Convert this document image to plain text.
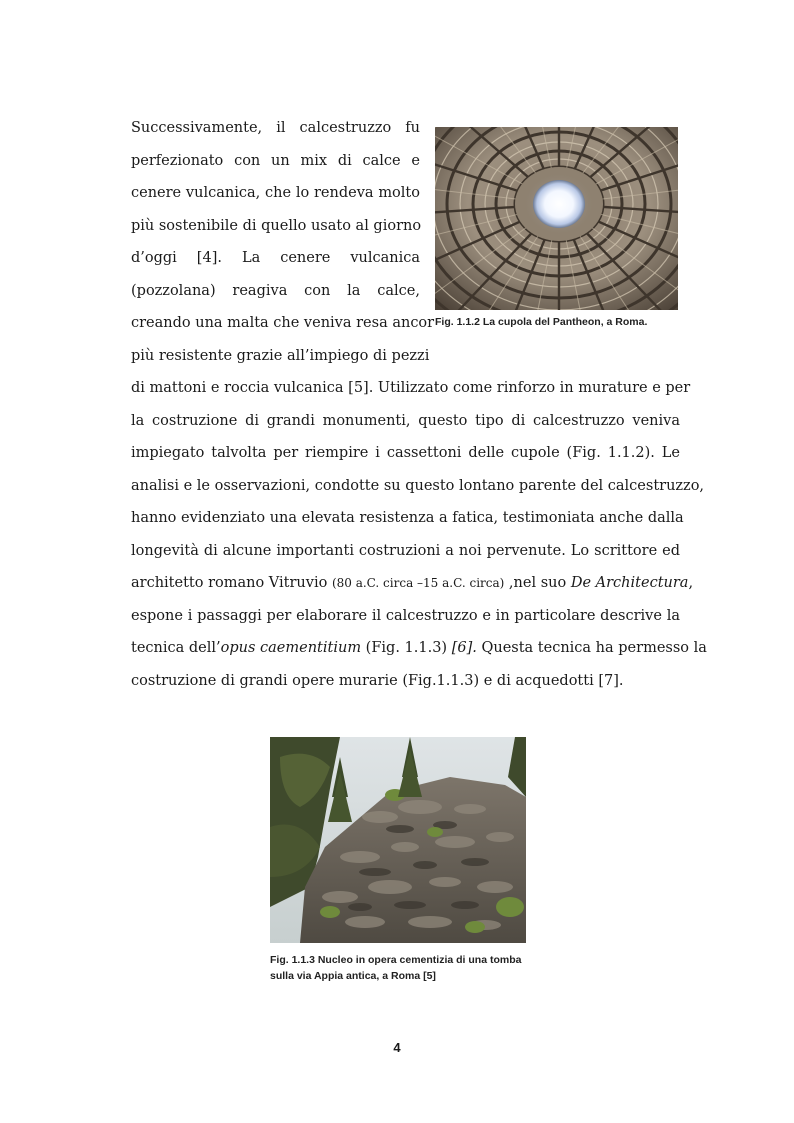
Successivamente, il calcestruzzo fu
perfezionato con un mix di calce e
cenere vulcanica, che lo rendeva molto
più sostenibile di quello usato al giorno
d’oggi [4]. La cenere vulcanica
(pozzolana) reagiva con la calce,
creando una malta che veniva resa ancor
più resistente grazie all’impiego di pezzi
Fig. 1.1.2 La cupola del Pantheon, a Roma.
di mattoni e roccia vulcanica [5]. Utilizzato come rinforzo in murature e per
la costruzione di grandi monumenti, questo tipo di calcestruzzo veniva
impiegato talvolta per riempire i cassettoni delle cupole (Fig. 1.1.2). Le
analisi e le osservazioni, condotte su questo lontano parente del calcestruzzo,
hanno evidenziato una elevata resistenza a fatica, testimoniata anche dalla
longevità di alcune importanti costruzioni a noi pervenute. Lo scrittore ed
architetto romano Vitruvio (80 a.C. circa –15 a.C. circa) ,nel suo De Architectura,
espone i passaggi per elaborare il calcestruzzo e in particolare descrive la
tecnica dell’opus caementitium (Fig. 1.1.3) [6]. Questa tecnica ha permesso la
costruzione di grandi opere murarie (Fig.1.1.3) e di acquedotti [7].
Fig. 1.1.3 Nucleo in opera cementizia di una tomba
sulla via Appia antica, a Roma [5]
4
